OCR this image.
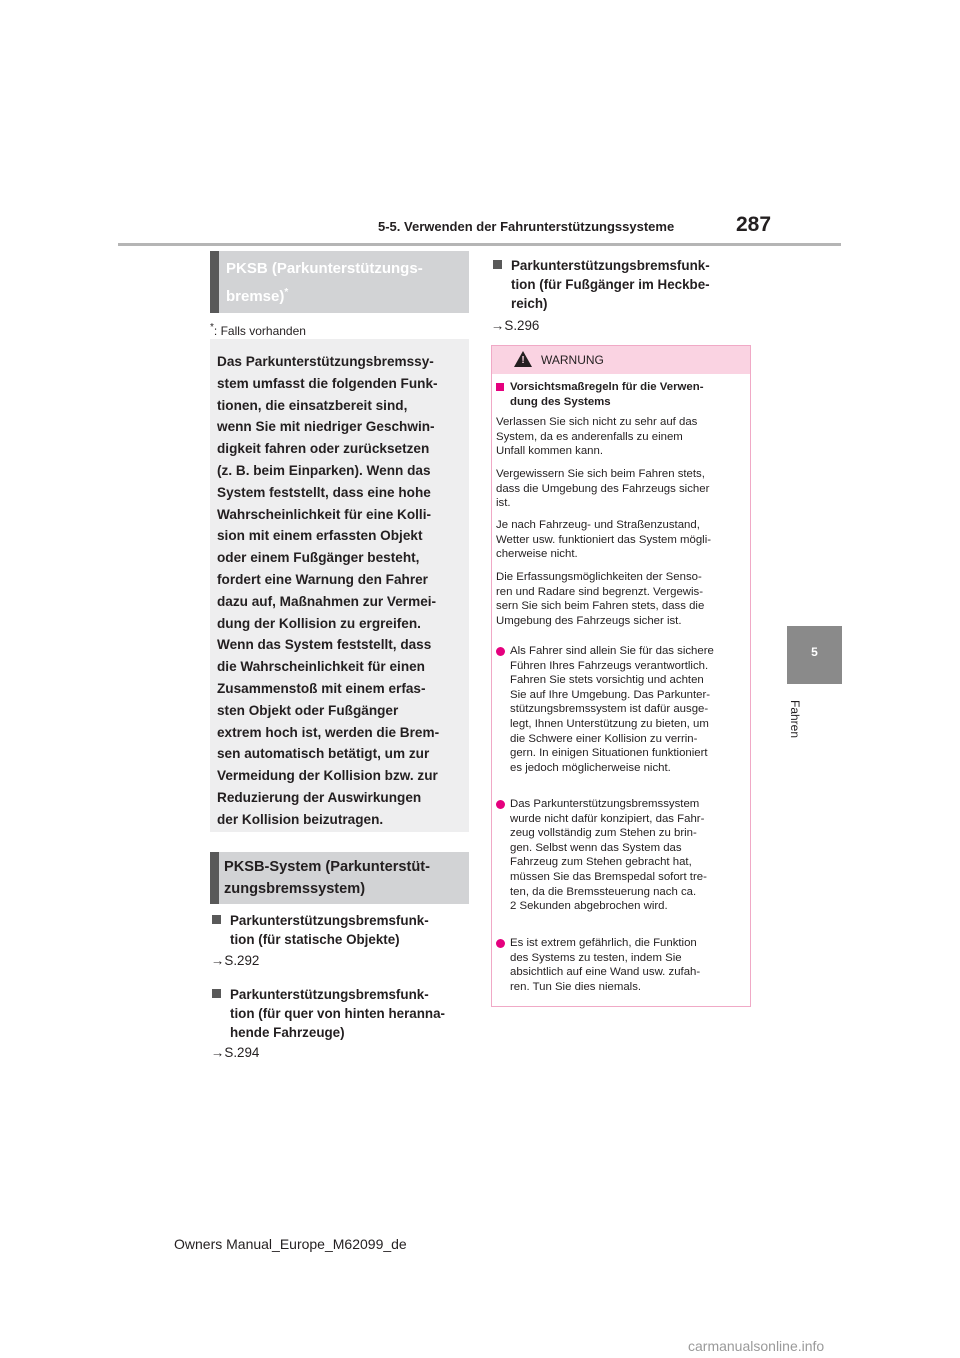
5-5. Verwenden der Fahrunterstützungssysteme	287
5
Fahren
PKSB (Parkunterstützungs-
bremse)*
*: Falls vorhanden
Das Parkunterstützungsbremssy-
stem umfasst die folgenden Funk-
tionen, die einsatzbereit sind,
wenn Sie mit niedriger Geschwin-
digkeit fahren oder zurücksetzen
(z. B. beim Einparken). Wenn das
System feststellt, dass eine hohe
Wahrscheinlichkeit für eine Kolli-
sion mit einem erfassten Objekt
oder einem Fußgänger besteht,
fordert eine Warnung den Fahrer
dazu auf, Maßnahmen zur Vermei-
dung der Kollision zu ergreifen.
Wenn das System feststellt, dass
die Wahrscheinlichkeit für einen
Zusammenstoß mit einem erfas-
sten Objekt oder Fußgänger
extrem hoch ist, werden die Brem-
sen automatisch betätigt, um zur
Vermeidung der Kollision bzw. zur
Reduzierung der Auswirkungen
der Kollision beizutragen.
PKSB-System (Parkunterstüt-
zungsbremssystem)
Parkunterstützungsbremsfunk-
tion (für statische Objekte)
→S.292
Parkunterstützungsbremsfunk-
tion (für quer von hinten heranna-
hende Fahrzeuge)
→S.294
Parkunterstützungsbremsfunk-
tion (für Fußgänger im Heckbe-
reich)
→S.296
! WARNUNG
Vorsichtsmaßregeln für die Verwen-
dung des Systems
Verlassen Sie sich nicht zu sehr auf das
System, da es anderenfalls zu einem
Unfall kommen kann.
Vergewissern Sie sich beim Fahren stets,
dass die Umgebung des Fahrzeugs sicher
ist.
Je nach Fahrzeug- und Straßenzustand,
Wetter usw. funktioniert das System mögli-
cherweise nicht.
Die Erfassungsmöglichkeiten der Senso-
ren und Radare sind begrenzt. Vergewis-
sern Sie sich beim Fahren stets, dass die
Umgebung des Fahrzeugs sicher ist.
Als Fahrer sind allein Sie für das sichere
Führen Ihres Fahrzeugs verantwortlich.
Fahren Sie stets vorsichtig und achten
Sie auf Ihre Umgebung. Das Parkunter-
stützungsbremssystem ist dafür ausge-
legt, Ihnen Unterstützung zu bieten, um
die Schwere einer Kollision zu verrin-
gern. In einigen Situationen funktioniert
es jedoch möglicherweise nicht.
Das Parkunterstützungsbremssystem
wurde nicht dafür konzipiert, das Fahr-
zeug vollständig zum Stehen zu brin-
gen. Selbst wenn das System das
Fahrzeug zum Stehen gebracht hat,
müssen Sie das Bremspedal sofort tre-
ten, da die Bremssteuerung nach ca.
2 Sekunden abgebrochen wird.
Es ist extrem gefährlich, die Funktion
des Systems zu testen, indem Sie
absichtlich auf eine Wand usw. zufah-
ren. Tun Sie dies niemals.
Owners Manual_Europe_M62099_de
carmanualsonline.info
